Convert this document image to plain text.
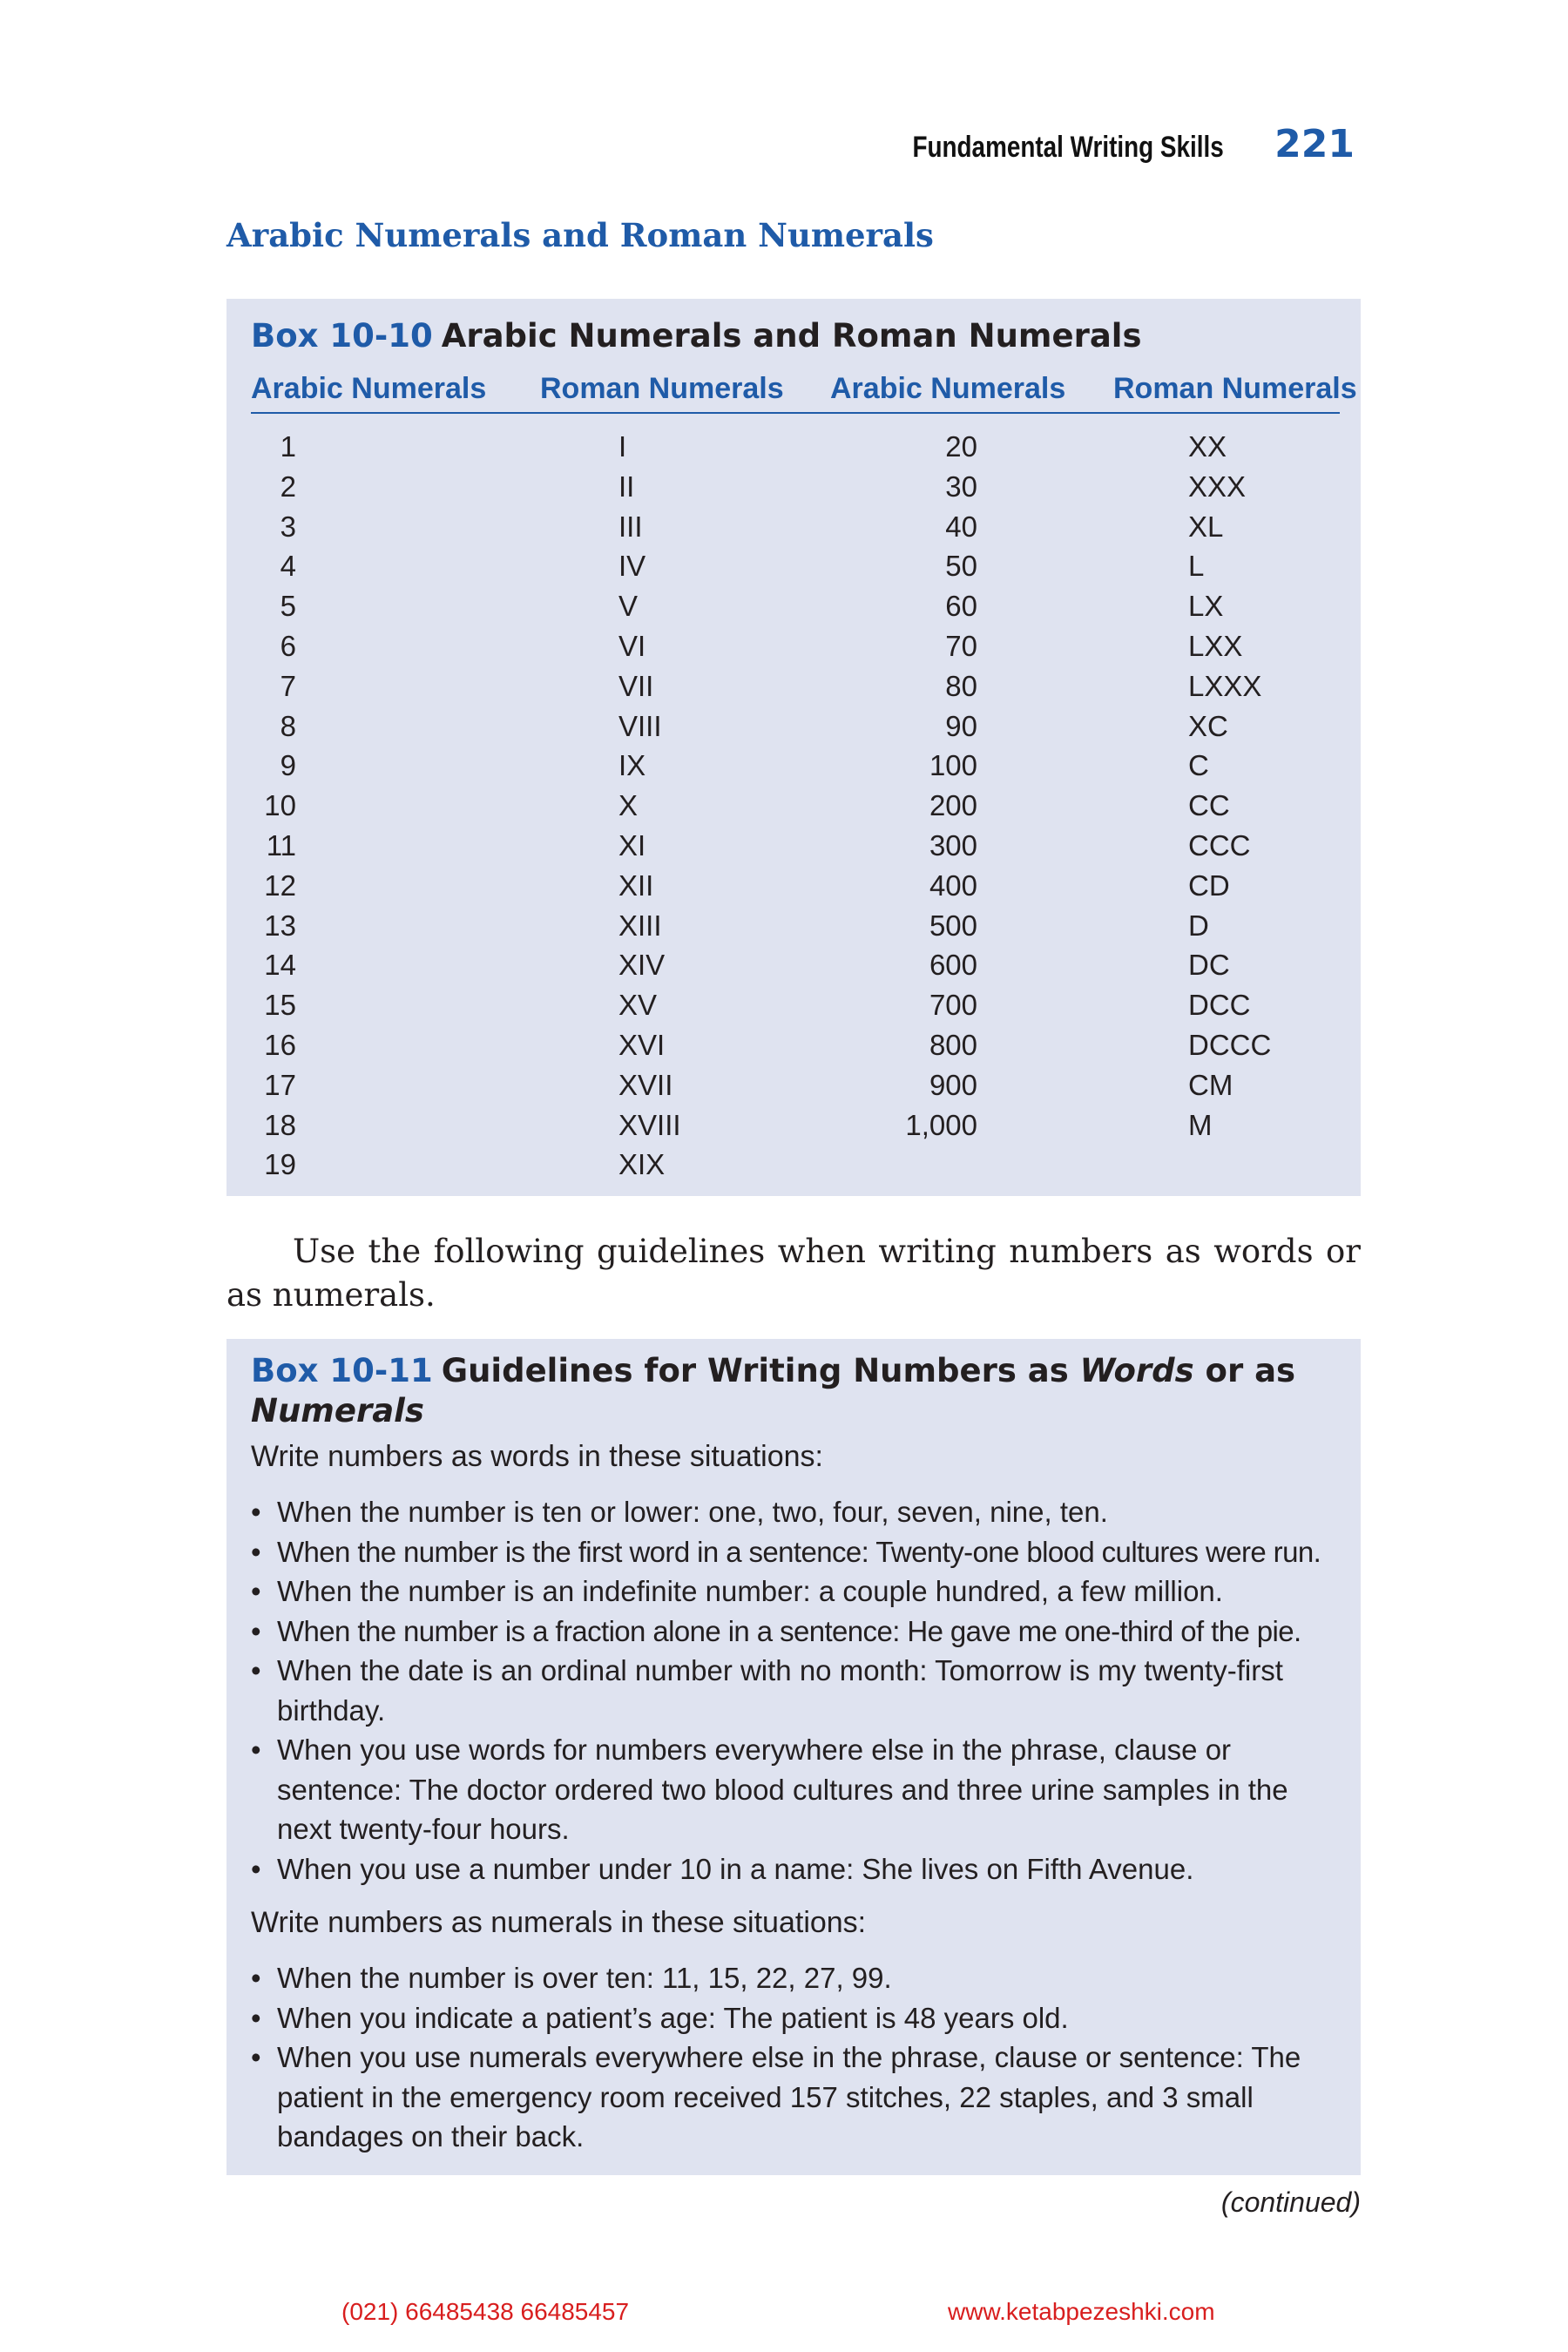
Fundamental Writing Skills 221
Arabic Numerals and Roman Numerals
Box 10-10 Arabic Numerals and Roman Numerals
Arabic Numerals Roman Numerals Arabic Numerals Roman Numerals
1	I	20	XX
2	II	30	XXX
3	III	40	XL
4	IV	50	L
5	V	60	LX
6	VI	70	LXX
7	VII	80	LXXX
8	VIII	90	XC
9	IX	100	C
10	X	200	CC
11	XI	300	CCC
12	XII	400	CD
13	XIII	500	D
14	XIV	600	DC
15	XV	700	DCC
16	XVI	800	DCCC
17	XVII	900	CM
18	XVIII	1,000	M
19	XIX

Use the following guidelines when writing numbers as words or as numerals.

Box 10-11 Guidelines for Writing Numbers as Words or as Numerals

Write numbers as words in these situations:

• When the number is ten or lower: one, two, four, seven, nine, ten.
• When the number is the first word in a sentence: Twenty-one blood cultures were run.
• When the number is an indefinite number: a couple hundred, a few million.
• When the number is a fraction alone in a sentence: He gave me one-third of the pie.
• When the date is an ordinal number with no month: Tomorrow is my twenty-first birthday.
• When you use words for numbers everywhere else in the phrase, clause or sentence: The doctor ordered two blood cultures and three urine samples in the next twenty-four hours.
• When you use a number under 10 in a name: She lives on Fifth Avenue.

Write numbers as numerals in these situations:

• When the number is over ten: 11, 15, 22, 27, 99.
• When you indicate a patient’s age: The patient is 48 years old.
• When you use numerals everywhere else in the phrase, clause or sentence: The patient in the emergency room received 157 stitches, 22 staples, and 3 small bandages on their back.

(continued)

(021) 66485438 66485457	www.ketabpezeshki.com
